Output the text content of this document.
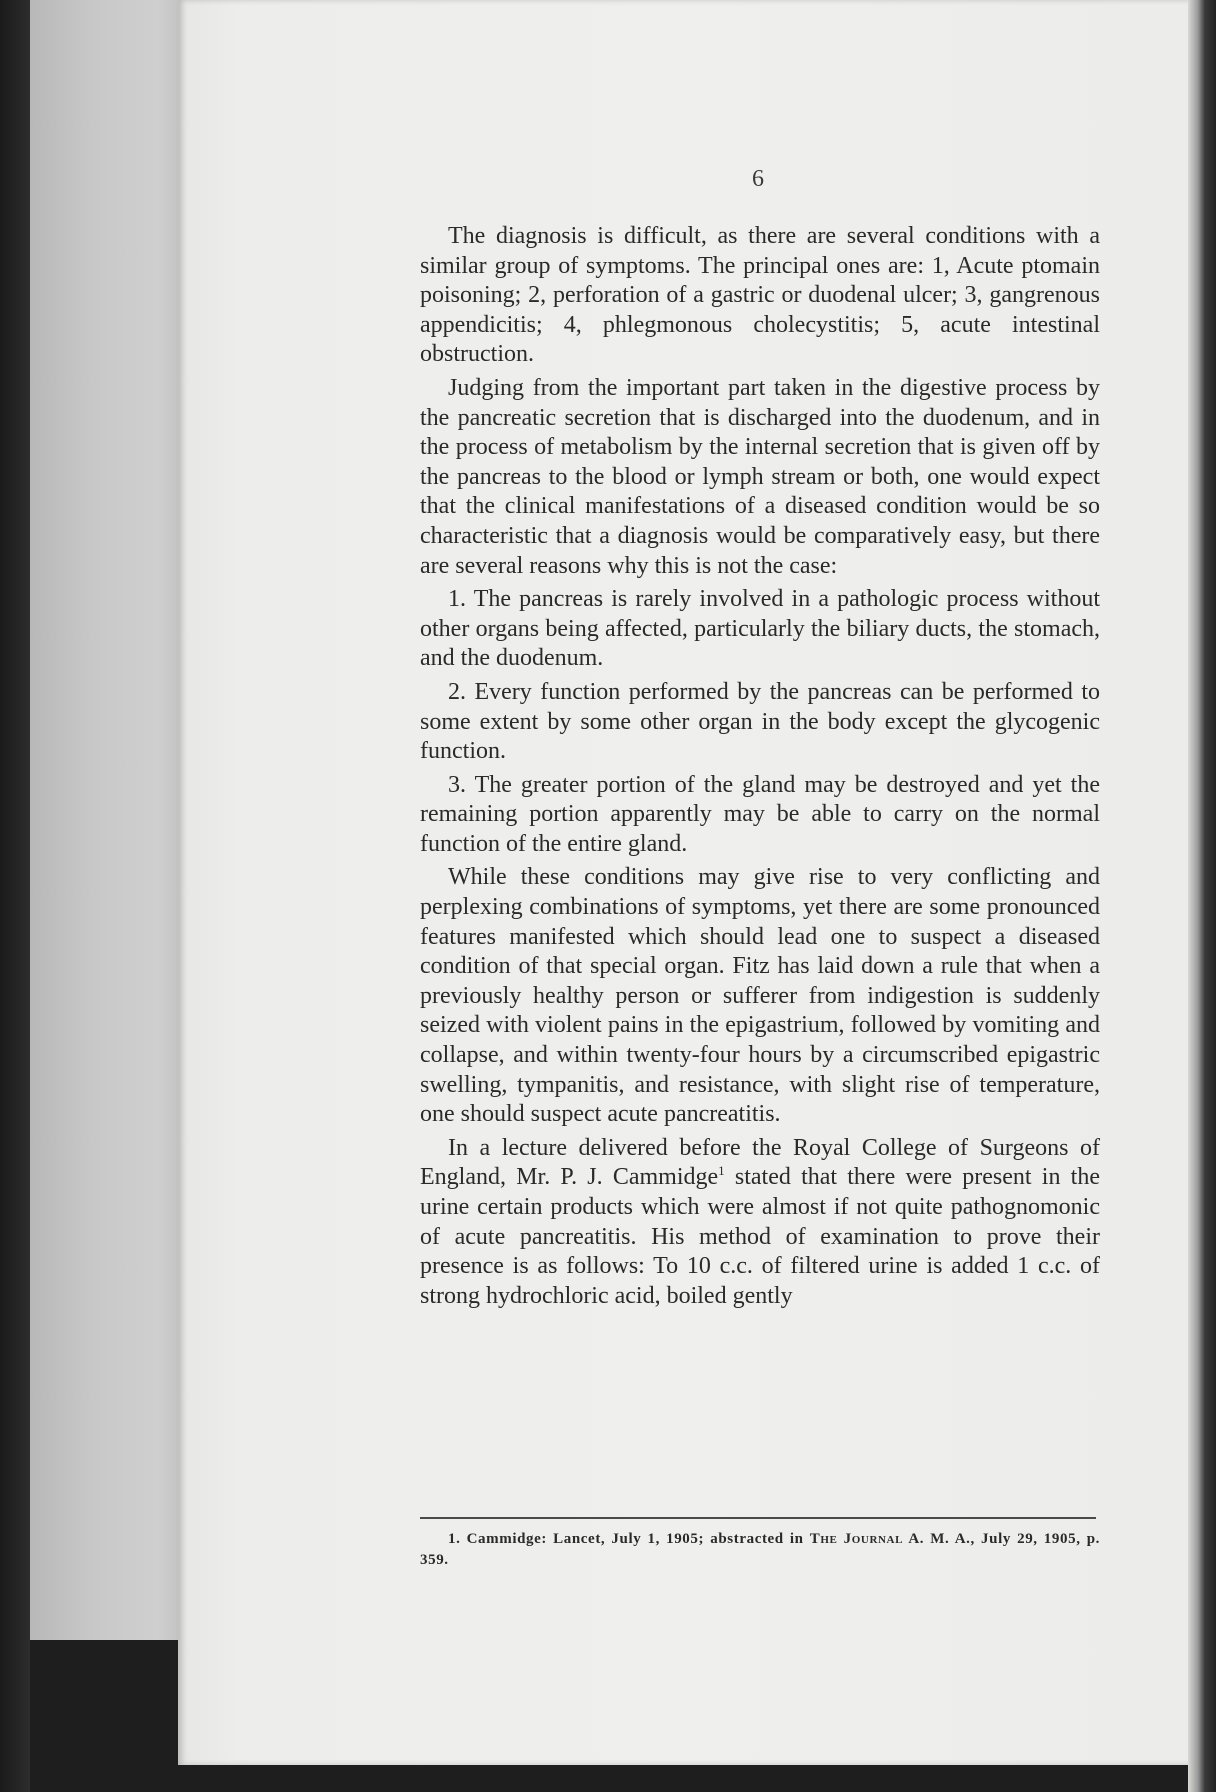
6

The diagnosis is difficult, as there are several conditions with a similar group of symptoms. The principal ones are: 1, Acute ptomain poisoning; 2, perforation of a gastric or duodenal ulcer; 3, gangrenous appendicitis; 4, phlegmonous cholecystitis; 5, acute intestinal obstruction.

Judging from the important part taken in the digestive process by the pancreatic secretion that is discharged into the duodenum, and in the process of metabolism by the internal secretion that is given off by the pancreas to the blood or lymph stream or both, one would expect that the clinical manifestations of a diseased condition would be so characteristic that a diagnosis would be comparatively easy, but there are several reasons why this is not the case:

1. The pancreas is rarely involved in a pathologic process without other organs being affected, particularly the biliary ducts, the stomach, and the duodenum.

2. Every function performed by the pancreas can be performed to some extent by some other organ in the body except the glycogenic function.

3. The greater portion of the gland may be destroyed and yet the remaining portion apparently may be able to carry on the normal function of the entire gland.

While these conditions may give rise to very conflicting and perplexing combinations of symptoms, yet there are some pronounced features manifested which should lead one to suspect a diseased condition of that special organ. Fitz has laid down a rule that when a previously healthy person or sufferer from indigestion is suddenly seized with violent pains in the epigastrium, followed by vomiting and collapse, and within twenty-four hours by a circumscribed epigastric swelling, tympanitis, and resistance, with slight rise of temperature, one should suspect acute pancreatitis.

In a lecture delivered before the Royal College of Surgeons of England, Mr. P. J. Cammidge$^1$ stated that there were present in the urine certain products which were almost if not quite pathognomonic of acute pancreatitis. His method of examination to prove their presence is as follows: To 10 c.c. of filtered urine is added 1 c.c. of strong hydrochloric acid, boiled gently

1. Cammidge: Lancet, July 1, 1905; abstracted in The Journal A. M. A., July 29, 1905, p. 359.
